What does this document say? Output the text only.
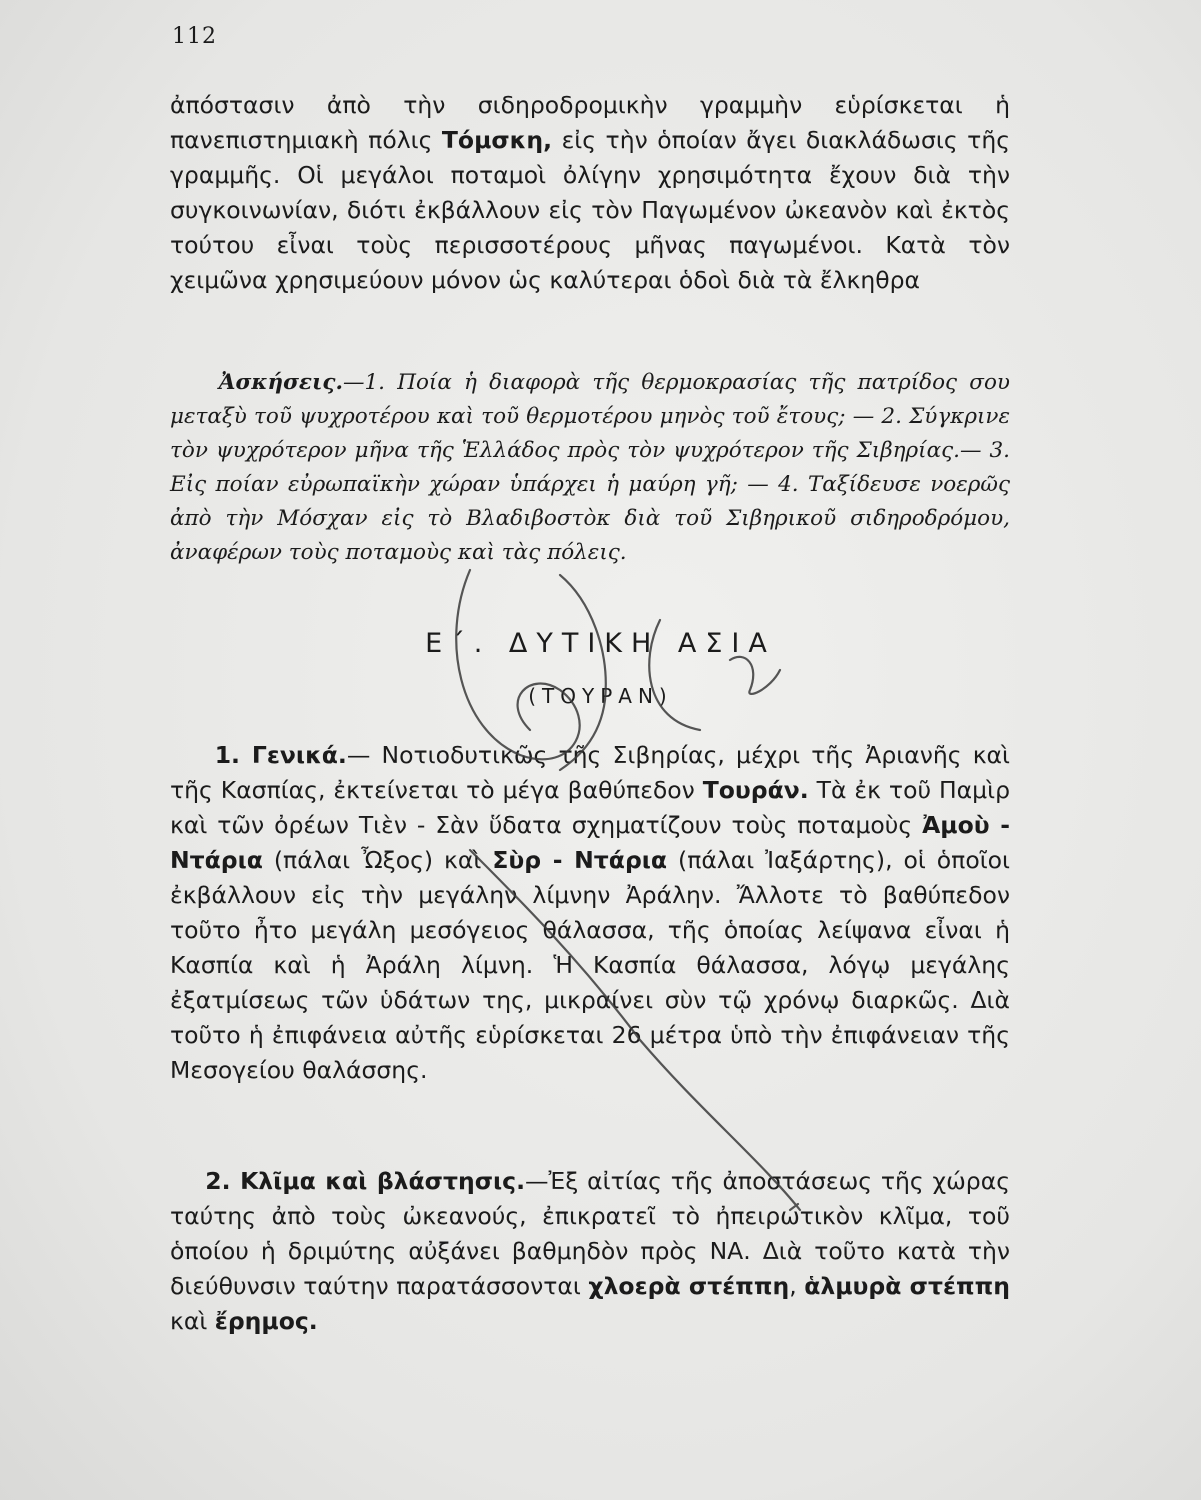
112

ἀπόστασιν ἀπὸ τὴν σιδηροδρομικὴν γραμμὴν εὑρίσκεται ἡ πανεπιστημιακὴ πόλις Τόμσκη, εἰς τὴν ὁποίαν ἄγει διακλάδωσις τῆς γραμμῆς. Οἱ μεγάλοι ποταμοὶ ὀλίγην χρησιμότητα ἔχουν διὰ τὴν συγκοινωνίαν, διότι ἐκβάλλουν εἰς τὸν Παγωμένον ὠκεανὸν καὶ ἐκτὸς τούτου εἶναι τοὺς περισσοτέρους μῆνας παγωμένοι. Κατὰ τὸν χειμῶνα χρησιμεύουν μόνον ὡς καλύτεραι ὁδοὶ διὰ τὰ ἔλκηθρα

Ἀσκήσεις.—1. Ποία ἡ διαφορὰ τῆς θερμοκρασίας τῆς πατρίδος σου μεταξὺ τοῦ ψυχροτέρου καὶ τοῦ θερμοτέρου μηνὸς τοῦ ἔτους; — 2. Σύγκρινε τὸν ψυχρότερον μῆνα τῆς Ἑλλάδος πρὸς τὸν ψυχρότερον τῆς Σιβηρίας.— 3. Εἰς ποίαν εὐρωπαϊκὴν χώραν ὑπάρχει ἡ μαύρη γῆ; — 4. Ταξίδευσε νοερῶς ἀπὸ τὴν Μόσχαν εἰς τὸ Βλαδιβοστὸκ διὰ τοῦ Σιβηρικοῦ σιδηροδρόμου, ἀναφέρων τοὺς ποταμοὺς καὶ τὰς πόλεις.

Ε΄. ΔΥΤΙΚΗ ΑΣΙΑ
(ΤΟΥΡΑΝ)

1. Γενικά.— Νοτιοδυτικῶς τῆς Σιβηρίας, μέχρι τῆς Ἀριανῆς καὶ τῆς Κασπίας, ἐκτείνεται τὸ μέγα βαθύπεδον Τουράν. Τὰ ἐκ τοῦ Παμὶρ καὶ τῶν ὀρέων Τιὲν - Σὰν ὕδατα σχηματίζουν τοὺς ποταμοὺς Ἀμοὺ - Ντάρια (πάλαι Ὦξος) καὶ Σὺρ - Ντάρια (πάλαι Ἰαξάρτης), οἱ ὁποῖοι ἐκβάλλουν εἰς τὴν μεγάλην λίμνην Ἀράλην. Ἄλλοτε τὸ βαθύπεδον τοῦτο ἦτο μεγάλη μεσόγειος θάλασσα, τῆς ὁποίας λείψανα εἶναι ἡ Κασπία καὶ ἡ Ἀράλη λίμνη. Ἡ Κασπία θάλασσα, λόγῳ μεγάλης ἐξατμίσεως τῶν ὑδάτων της, μικραίνει σὺν τῷ χρόνῳ διαρκῶς. Διὰ τοῦτο ἡ ἐπιφάνεια αὐτῆς εὑρίσκεται 26 μέτρα ὑπὸ τὴν ἐπιφάνειαν τῆς Μεσογείου θαλάσσης.

2. Κλῖμα καὶ βλάστησις.—Ἐξ αἰτίας τῆς ἀποστάσεως τῆς χώρας ταύτης ἀπὸ τοὺς ὠκεανούς, ἐπικρατεῖ τὸ ἠπειρωτικὸν κλῖμα, τοῦ ὁποίου ἡ δριμύτης αὐξάνει βαθμηδὸν πρὸς ΝΑ. Διὰ τοῦτο κατὰ τὴν διεύθυνσιν ταύτην παρατάσσονται χλοερὰ στέππη, ἁλμυρὰ στέππη καὶ ἔρημος.
